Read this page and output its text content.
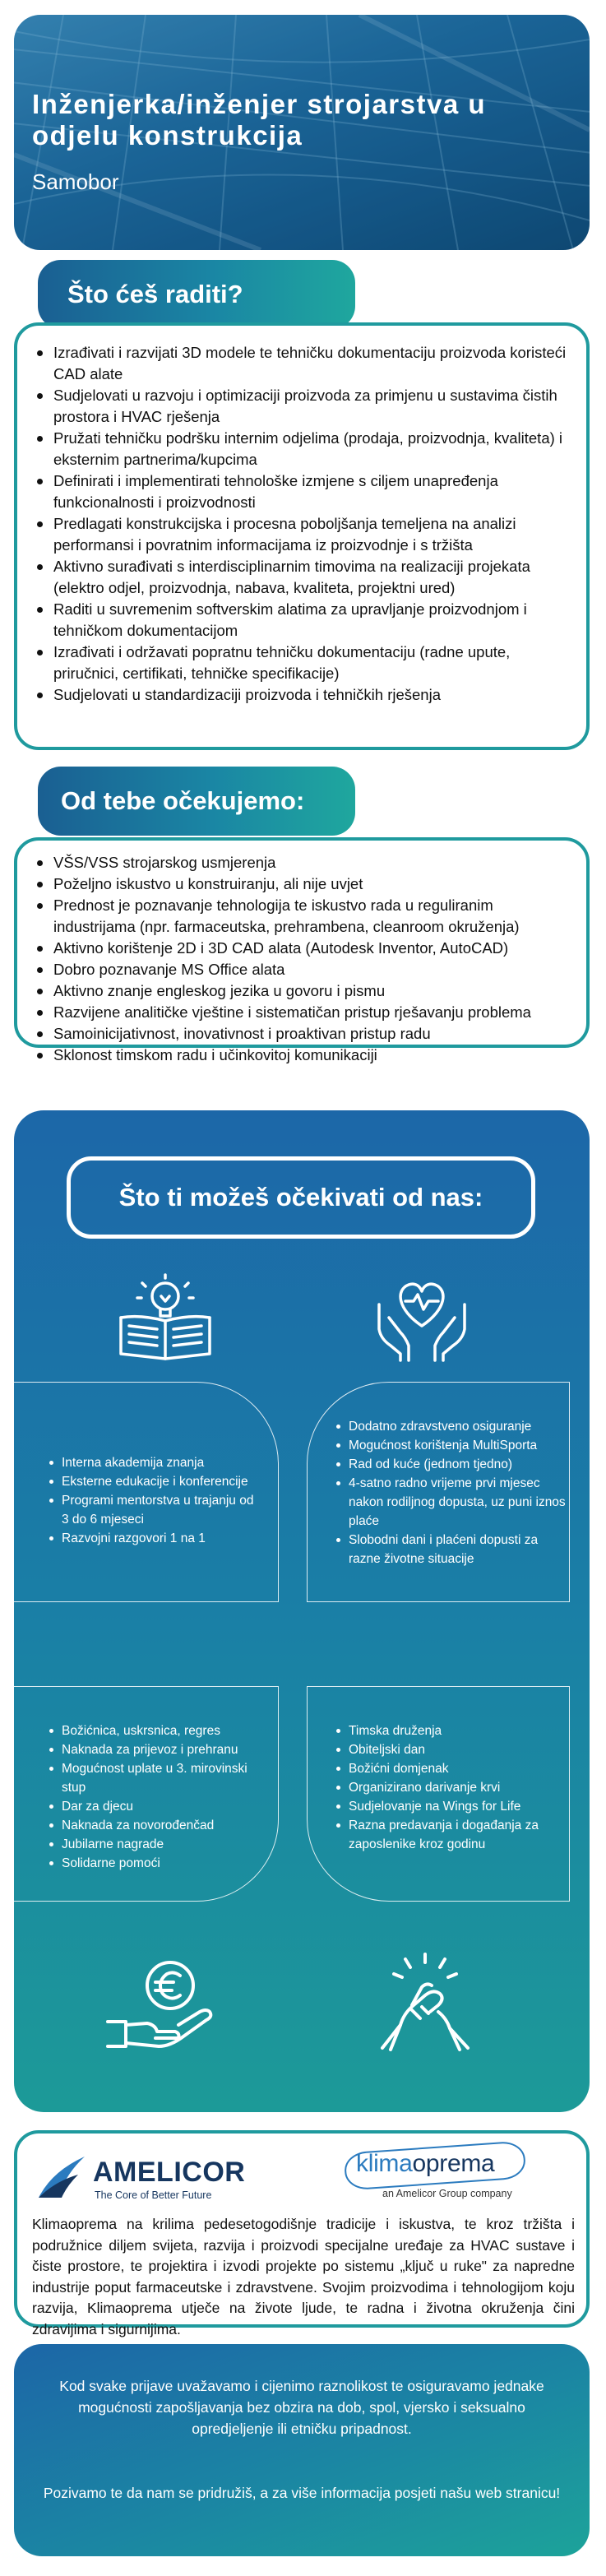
Inženjerka/inženjer strojarstva u odjelu konstrukcija
Samobor
Što ćeš raditi?
Izrađivati i razvijati 3D modele te tehničku dokumentaciju proizvoda koristeći CAD alate
Sudjelovati u razvoju i optimizaciji proizvoda za primjenu u sustavima čistih prostora i HVAC rješenja
Pružati tehničku podršku internim odjelima (prodaja, proizvodnja, kvaliteta) i eksternim partnerima/kupcima
Definirati i implementirati tehnološke izmjene s ciljem unapređenja funkcionalnosti i proizvodnosti
Predlagati konstrukcijska i procesna poboljšanja temeljena na analizi performansi i povratnim informacijama iz proizvodnje i s tržišta
Aktivno surađivati s interdisciplinarnim timovima na realizaciji projekata (elektro odjel, proizvodnja, nabava, kvaliteta, projektni ured)
Raditi u suvremenim softverskim alatima za upravljanje proizvodnjom i tehničkom dokumentacijom
Izrađivati i održavati popratnu tehničku dokumentaciju (radne upute, priručnici, certifikati, tehničke specifikacije)
Sudjelovati u standardizaciji proizvoda i tehničkih rješenja
Od tebe očekujemo:
VŠS/VSS strojarskog usmjerenja
Poželjno iskustvo u konstruiranju, ali nije uvjet
Prednost je poznavanje tehnologija te iskustvo rada u reguliranim industrijama (npr. farmaceutska, prehrambena, cleanroom okruženja)
Aktivno korištenje 2D i 3D CAD alata (Autodesk Inventor, AutoCAD)
Dobro poznavanje MS Office alata
Aktivno znanje engleskog jezika u govoru i pismu
Razvijene analitičke vještine i sistematičan pristup rješavanju problema
Samoinicijativnost, inovativnost i proaktivan pristup radu
Sklonost timskom radu i učinkovitoj komunikaciji
Što ti možeš očekivati od nas:
Interna akademija znanja
Eksterne edukacije i konferencije
Programi mentorstva u trajanju od 3 do 6 mjeseci
Razvojni razgovori 1 na 1
Dodatno zdravstveno osiguranje
Mogućnost korištenja MultiSporta
Rad od kuće (jednom tjedno)
4-satno radno vrijeme prvi mjesec nakon rodiljnog dopusta, uz puni iznos plaće
Slobodni dani i plaćeni dopusti za razne životne situacije
Božićnica, uskrsnica, regres
Naknada za prijevoz i prehranu
Mogućnost uplate u 3. mirovinski stup
Dar za djecu
Naknada za novorođenčad
Jubilarne nagrade
Solidarne pomoći
Timska druženja
Obiteljski dan
Božićni domjenak
Organizirano darivanje krvi
Sudjelovanje na Wings for Life
Razna predavanja i događanja za zaposlenike kroz godinu
AMELICOR
The Core of Better Future
klimaoprema
an Amelicor Group company

Klimaoprema na krilima pedesetogodišnje tradicije i iskustva, te kroz tržišta i podružnice diljem svijeta, razvija i proizvodi specijalne uređaje za HVAC sustave i čiste prostore, te projektira i izvodi projekte po sistemu „ključ u ruke" za napredne industrije poput farmaceutske i zdravstvene. Svojim proizvodima i tehnologijom koju razvija, Klimaoprema utječe na živote ljude, te radna i životna okruženja čini zdravijima i sigurnijima.

Kod svake prijave uvažavamo i cijenimo raznolikost te osiguravamo jednake mogućnosti zapošljavanja bez obzira na dob, spol, vjersko i seksualno opredjeljenje ili etničku pripadnost.
Pozivamo te da nam se pridružiš, a za više informacija posjeti našu web stranicu!
